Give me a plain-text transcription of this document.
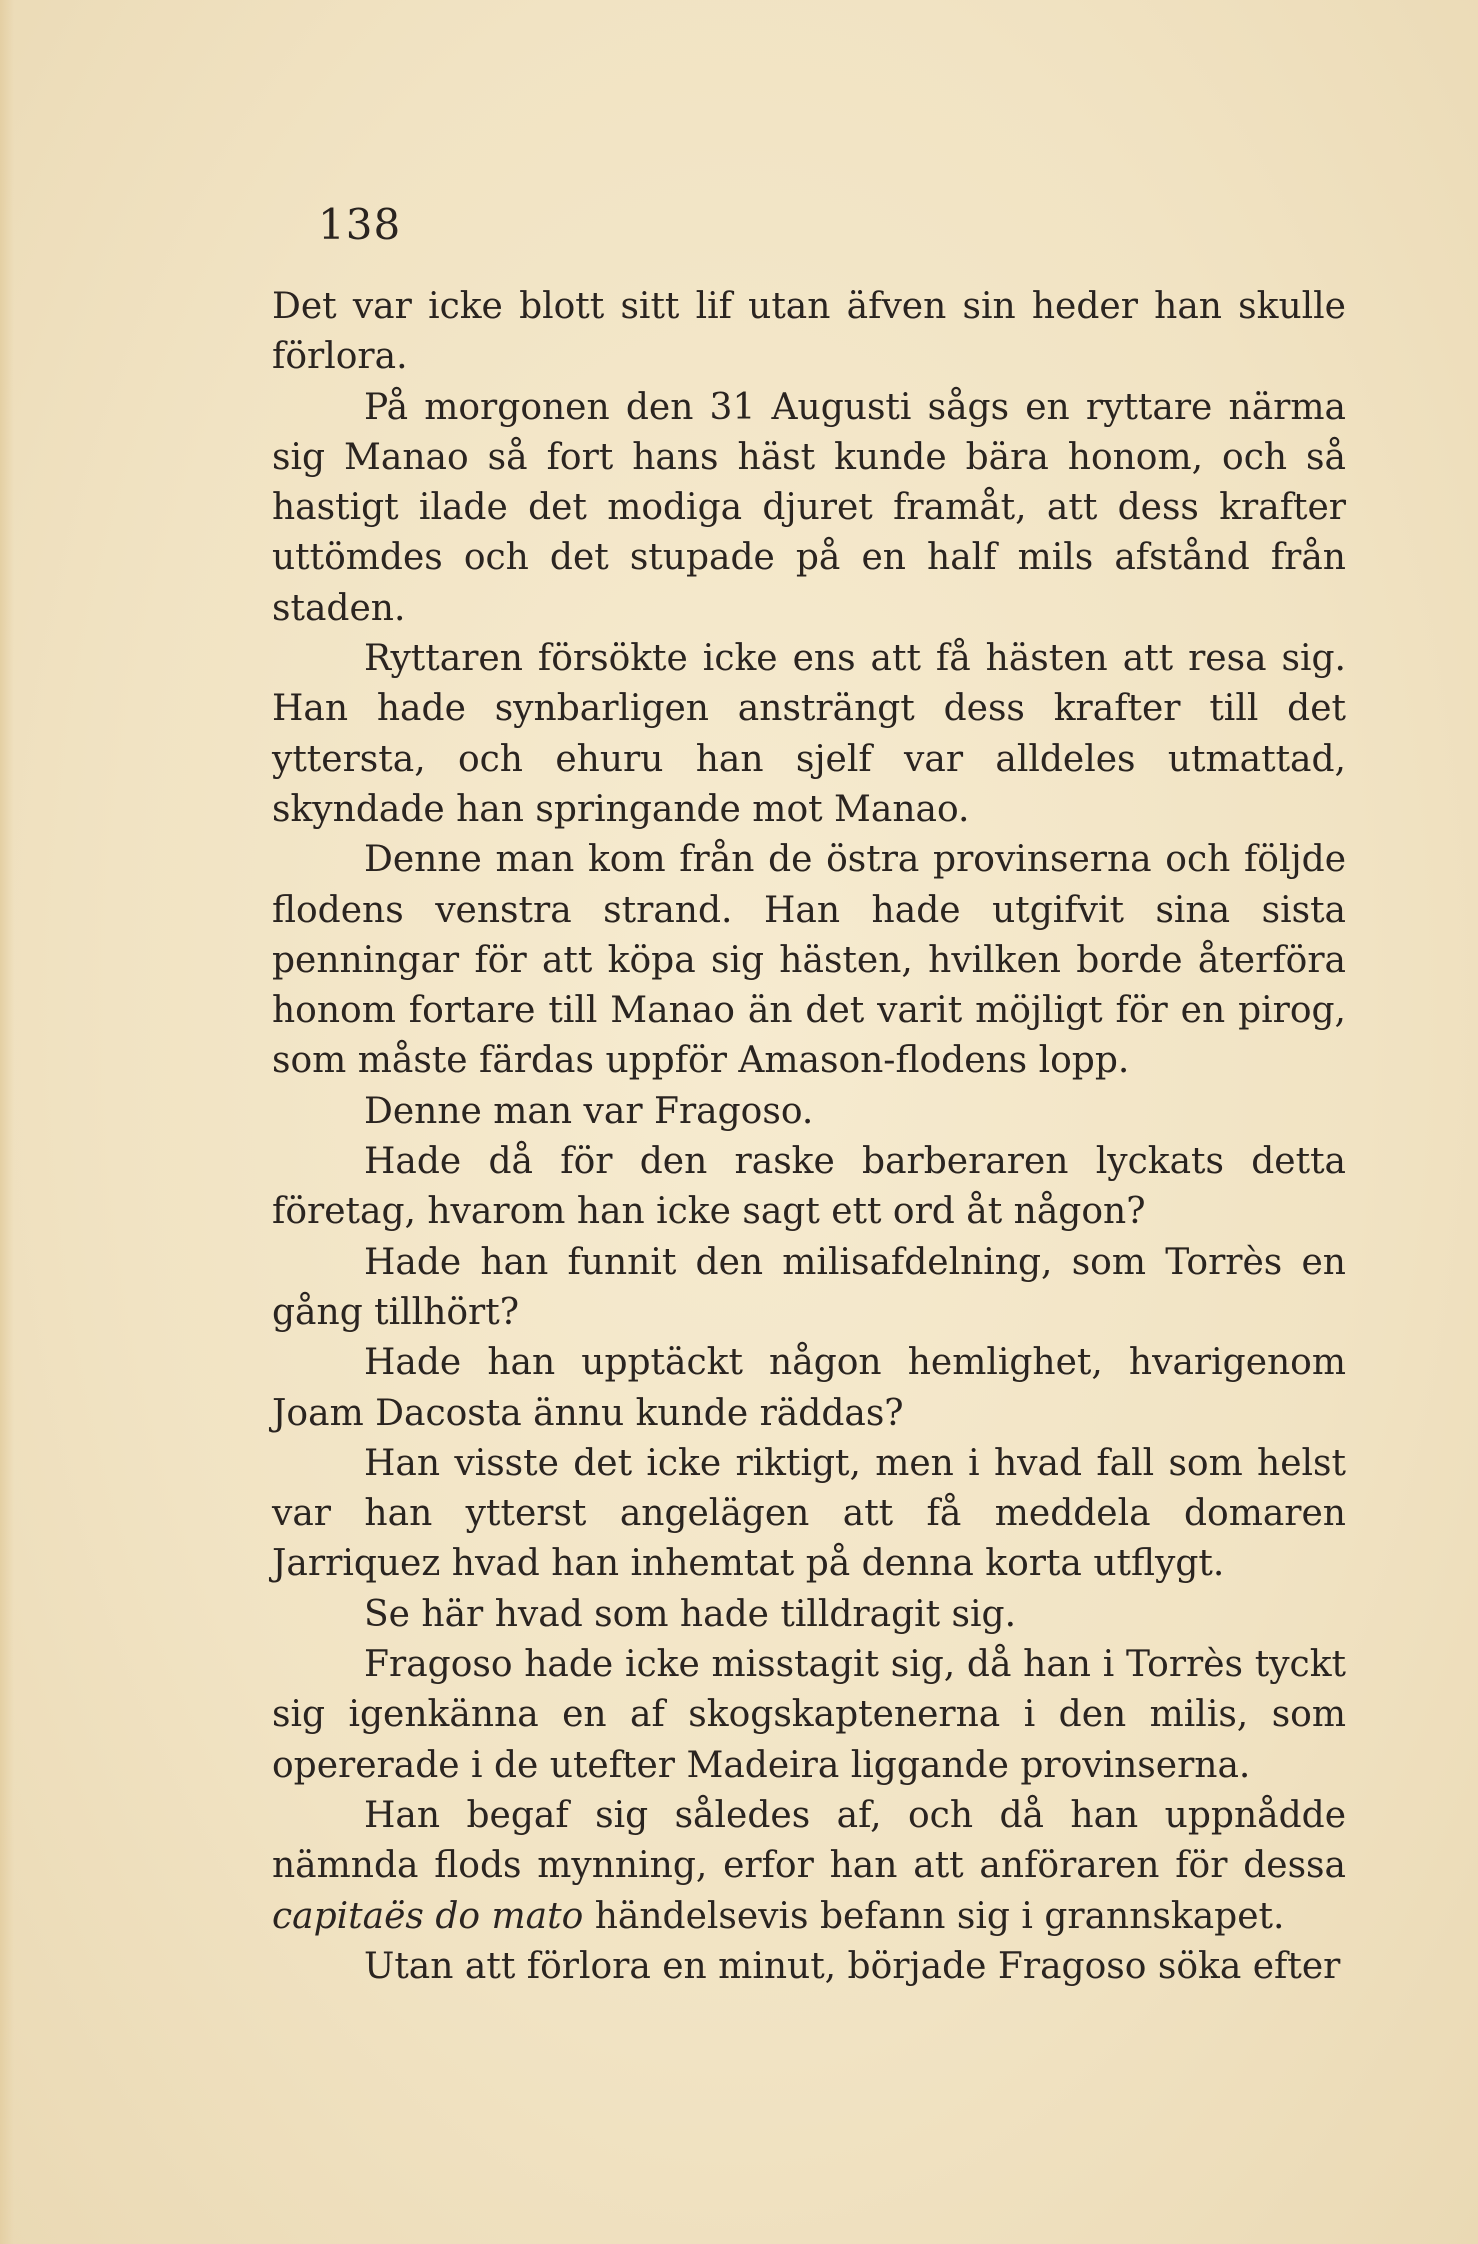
138

Det var icke blott sitt lif utan äfven sin heder han skulle förlora.

På morgonen den 31 Augusti sågs en ryttare närma sig Manao så fort hans häst kunde bära honom, och så hastigt ilade det modiga djuret framåt, att dess krafter uttömdes och det stupade på en half mils afstånd från staden.

Ryttaren försökte icke ens att få hästen att resa sig. Han hade synbarligen ansträngt dess krafter till det yttersta, och ehuru han sjelf var alldeles utmattad, skyndade han springande mot Manao.

Denne man kom från de östra provinserna och följde flodens venstra strand. Han hade utgifvit sina sista penningar för att köpa sig hästen, hvilken borde återföra honom fortare till Manao än det varit möjligt för en pirog, som måste färdas uppför Amason-flodens lopp.

Denne man var Fragoso.

Hade då för den raske barberaren lyckats detta företag, hvarom han icke sagt ett ord åt någon?

Hade han funnit den milisafdelning, som Torrès en gång tillhört?

Hade han upptäckt någon hemlighet, hvarigenom Joam Dacosta ännu kunde räddas?

Han visste det icke riktigt, men i hvad fall som helst var han ytterst angelägen att få meddela domaren Jarriquez hvad han inhemtat på denna korta utflygt.

Se här hvad som hade tilldragit sig.

Fragoso hade icke misstagit sig, då han i Torrès tyckt sig igenkänna en af skogskaptenerna i den milis, som opererade i de utefter Madeira liggande provinserna.

Han begaf sig således af, och då han uppnådde nämnda flods mynning, erfor han att anföraren för dessa capitaës do mato händelsevis befann sig i grannskapet.

Utan att förlora en minut, började Fragoso söka efter
